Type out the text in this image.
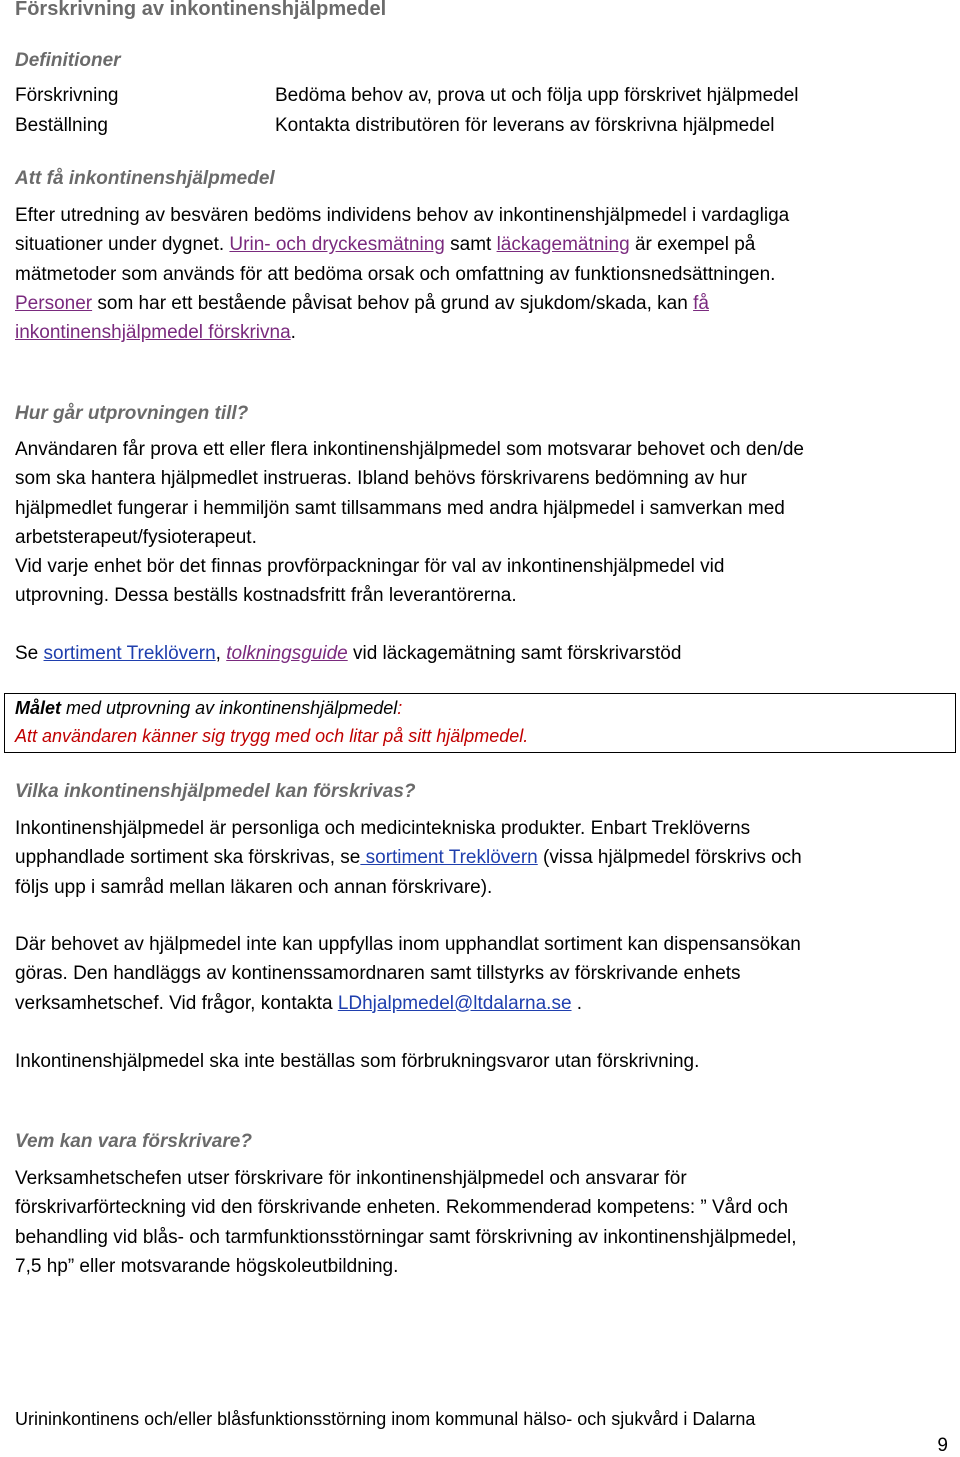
Förskrivning av inkontinenshjälpmedel
Definitioner
Förskrivning	Bedöma behov av, prova ut och följa upp förskrivet hjälpmedel
Beställning	Kontakta distributören för leverans av förskrivna hjälpmedel
Att få inkontinenshjälpmedel
Efter utredning av besvären bedöms individens behov av inkontinenshjälpmedel i vardagliga
situationer under dygnet. Urin- och dryckesmätning samt läckagemätning är exempel på
mätmetoder som används för att bedöma orsak och omfattning av funktionsnedsättningen.
Personer som har ett bestående påvisat behov på grund av sjukdom/skada, kan få
inkontinenshjälpmedel förskrivna.
Hur går utprovningen till?
Användaren får prova ett eller flera inkontinenshjälpmedel som motsvarar behovet och den/de
som ska hantera hjälpmedlet instrueras. Ibland behövs förskrivarens bedömning av hur
hjälpmedlet fungerar i hemmiljön samt tillsammans med andra hjälpmedel i samverkan med
arbetsterapeut/fysioterapeut.
Vid varje enhet bör det finnas provförpackningar för val av inkontinenshjälpmedel vid
utprovning. Dessa beställs kostnadsfritt från leverantörerna.
Se sortiment Treklövern, tolkningsguide vid läckagemätning samt förskrivarstöd
Målet med utprovning av inkontinenshjälpmedel:
Att användaren känner sig trygg med och litar på sitt hjälpmedel.
Vilka inkontinenshjälpmedel kan förskrivas?
Inkontinenshjälpmedel är personliga och medicintekniska produkter. Enbart Treklöverns
upphandlade sortiment ska förskrivas, se sortiment Treklövern (vissa hjälpmedel förskrivs och
följs upp i samråd mellan läkaren och annan förskrivare).
Där behovet av hjälpmedel inte kan uppfyllas inom upphandlat sortiment kan dispensansökan
göras. Den handläggs av kontinenssamordnaren samt tillstyrks av förskrivande enhets
verksamhetschef. Vid frågor, kontakta LDhjalpmedel@ltdalarna.se .
Inkontinenshjälpmedel ska inte beställas som förbrukningsvaror utan förskrivning.
Vem kan vara förskrivare?
Verksamhetschefen utser förskrivare för inkontinenshjälpmedel och ansvarar för
förskrivarförteckning vid den förskrivande enheten. Rekommenderad kompetens: ” Vård och
behandling vid blås- och tarmfunktionsstörningar samt förskrivning av inkontinenshjälpmedel,
7,5 hp” eller motsvarande högskoleutbildning.
Urininkontinens och/eller blåsfunktionsstörning inom kommunal hälso- och sjukvård i Dalarna
9
